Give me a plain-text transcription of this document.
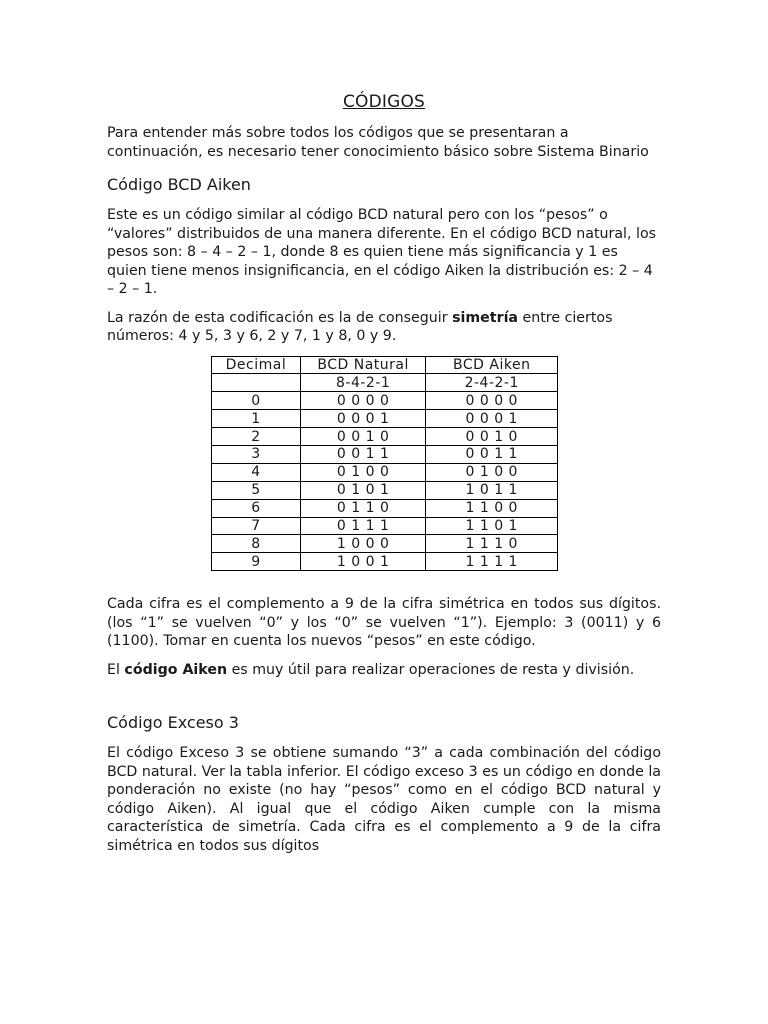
CÓDIGOS

Para entender más sobre todos los códigos que se presentaran a continuación, es necesario tener conocimiento básico sobre Sistema Binario

Código BCD Aiken

Este es un código similar al código BCD natural pero con los “pesos” o “valores” distribuidos de una manera diferente. En el código BCD natural, los pesos son: 8 – 4 – 2 – 1, donde 8 es quien tiene más significancia y 1 es quien tiene menos insignificancia, en el código Aiken la distribución es: 2 – 4 – 2 – 1.

La razón de esta codificación es la de conseguir simetría entre ciertos números: 4 y 5, 3 y 6, 2 y 7, 1 y 8, 0 y 9.

Decimal	BCD Natural	BCD Aiken
	8-4-2-1	2-4-2-1
0	0 0 0 0	0 0 0 0
1	0 0 0 1	0 0 0 1
2	0 0 1 0	0 0 1 0
3	0 0 1 1	0 0 1 1
4	0 1 0 0	0 1 0 0
5	0 1 0 1	1 0 1 1
6	0 1 1 0	1 1 0 0
7	0 1 1 1	1 1 0 1
8	1 0 0 0	1 1 1 0
9	1 0 0 1	1 1 1 1

Cada cifra es el complemento a 9 de la cifra simétrica en todos sus dígitos. (los “1” se vuelven “0” y los “0” se vuelven “1”). Ejemplo: 3 (0011) y 6 (1100). Tomar en cuenta los nuevos “pesos” en este código.

El código Aiken es muy útil para realizar operaciones de resta y división.

Código Exceso 3

El código Exceso 3 se obtiene sumando “3” a cada combinación del código BCD natural. Ver la tabla inferior. El código exceso 3 es un código en donde la ponderación no existe (no hay “pesos” como en el código BCD natural y código Aiken). Al igual que el código Aiken cumple con la misma característica de simetría. Cada cifra es el complemento a 9 de la cifra simétrica en todos sus dígitos
